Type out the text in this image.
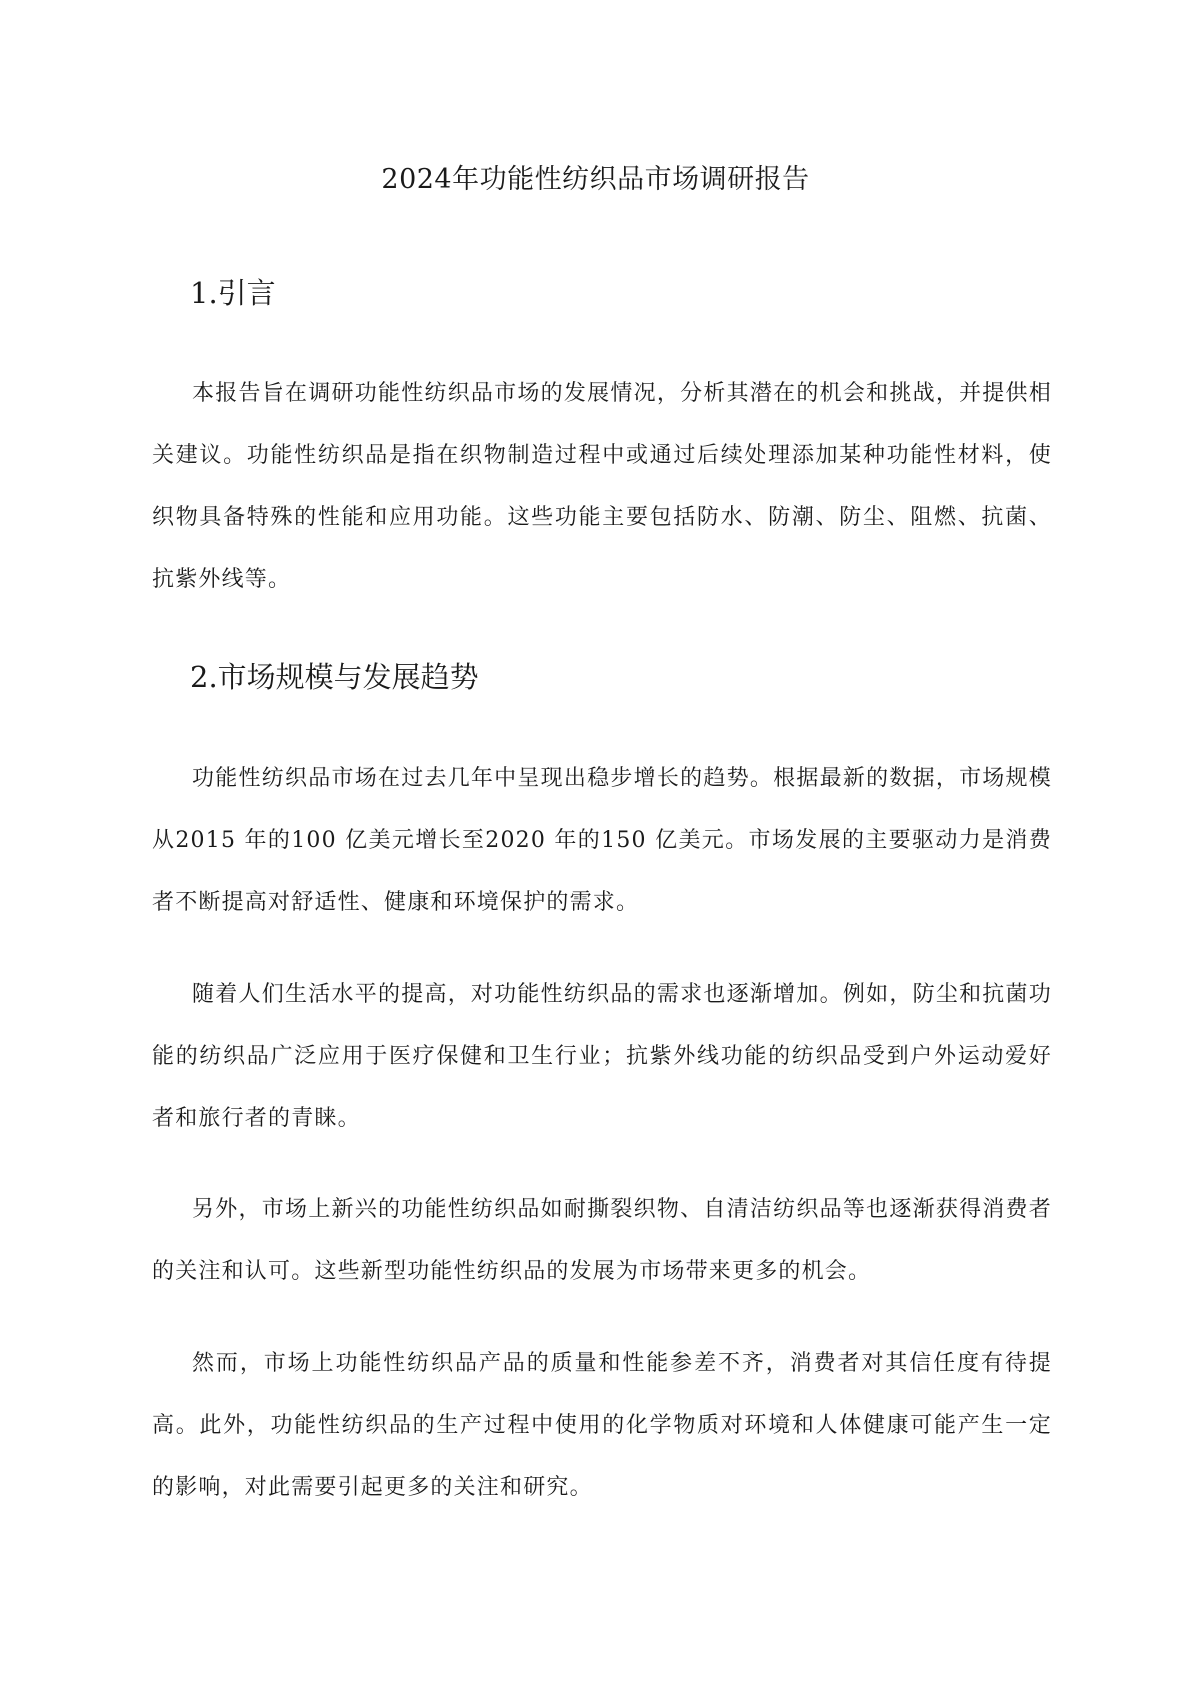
2024年功能性纺织品市场调研报告
1.引言
本报告旨在调研功能性纺织品市场的发展情况，分析其潜在的机会和挑战，并提供相关建议。功能性纺织品是指在织物制造过程中或通过后续处理添加某种功能性材料，使织物具备特殊的性能和应用功能。这些功能主要包括防水、防潮、防尘、阻燃、抗菌、抗紫外线等。
2.市场规模与发展趋势
功能性纺织品市场在过去几年中呈现出稳步增长的趋势。根据最新的数据，市场规模从2015 年的100 亿美元增长至2020 年的150 亿美元。市场发展的主要驱动力是消费者不断提高对舒适性、健康和环境保护的需求。
随着人们生活水平的提高，对功能性纺织品的需求也逐渐增加。例如，防尘和抗菌功能的纺织品广泛应用于医疗保健和卫生行业；抗紫外线功能的纺织品受到户外运动爱好者和旅行者的青睐。
另外，市场上新兴的功能性纺织品如耐撕裂织物、自清洁纺织品等也逐渐获得消费者的关注和认可。这些新型功能性纺织品的发展为市场带来更多的机会。
然而，市场上功能性纺织品产品的质量和性能参差不齐，消费者对其信任度有待提高。此外，功能性纺织品的生产过程中使用的化学物质对环境和人体健康可能产生一定的影响，对此需要引起更多的关注和研究。
